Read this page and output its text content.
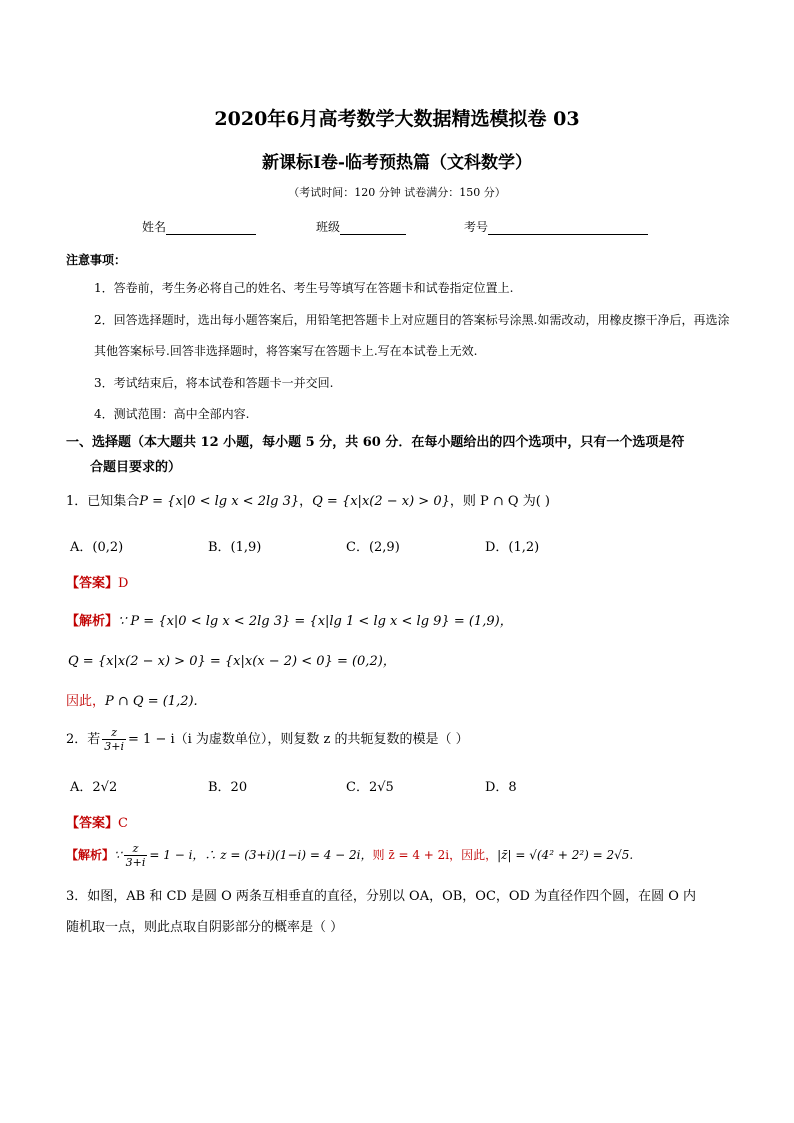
2020年6月高考数学大数据精选模拟卷 03
新课标Ⅰ卷-临考预热篇（文科数学）
（考试时间：120 分钟 试卷满分：150 分）
姓名	班级	考号
注意事项：
1．答卷前，考生务必将自己的姓名、考生号等填写在答题卡和试卷指定位置上.
2．回答选择题时，选出每小题答案后，用铅笔把答题卡上对应题目的答案标号涂黑.如需改动，用橡皮擦干净后，再选涂
其他答案标号.回答非选择题时，将答案写在答题卡上.写在本试卷上无效.
3．考试结束后，将本试卷和答题卡一并交回.
4．测试范围：高中全部内容.
一、选择题（本大题共 12 小题，每小题 5 分，共 60 分．在每小题给出的四个选项中，只有一个选项是符
合题目要求的）
1．已知集合P = {x|0 < lg x < 2lg 3}，Q = {x|x(2 − x) > 0}，则 P ∩ Q 为( )
A．(0,2)	B．(1,9)	C．(2,9)	D．(1,2)
【答案】D
【解析】∵ P = {x|0 < lg x < 2lg 3} = {x|lg 1 < lg x < lg 9} = (1,9)，
Q = {x|x(2 − x) > 0} = {x|x(x − 2) < 0} = (0,2)，
因此，P ∩ Q = (1,2).
2．若 $\frac{z}{3+i} = 1 - i(i$ 为虚数单位），则复数 z 的共轭复数的模是（ ）
A．2√2	B．20	C．2√5	D．8
【答案】C
【解析】∵ $\frac{z}{3+i} = 1 - i$，∴ z = (3+i)(1−i) = 4 − 2i，则 z̄ = 4 + 2i，因此，|z̄| = √(4² + 2²) = 2√5.
3．如图，AB 和 CD 是圆 O 两条互相垂直的直径，分别以 OA，OB，OC，OD 为直径作四个圆，在圆 O 内
随机取一点，则此点取自阴影部分的概率是（ ）
